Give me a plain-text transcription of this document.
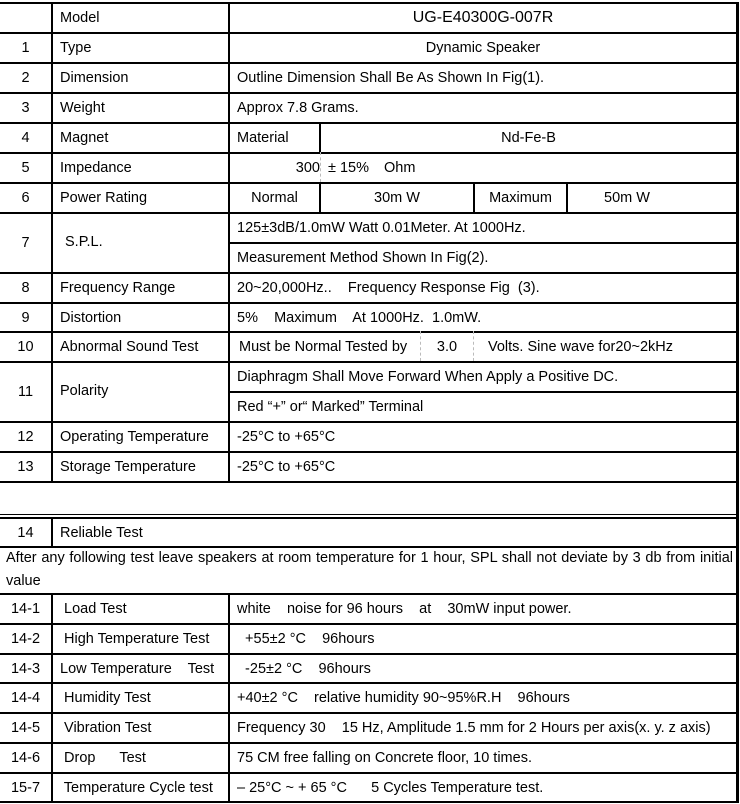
Model	UG-E40300G-007R
1	Type	Dynamic Speaker
2	Dimension	Outline Dimension Shall Be As Shown In Fig(1).
3	Weight	Approx 7.8 Grams.
4	Magnet	Material	Nd-Fe-B
5	Impedance	300 ± 15%	Ohm
6	Power Rating	Normal	30m W	Maximum	50m W
7	S.P.L.
125±3dB/1.0mW Watt 0.01Meter. At 1000Hz.
Measurement Method Shown In Fig(2).
8	Frequency Range	20~20,000Hz..    Frequency Response Fig  (3).
9	Distortion	5%    Maximum    At 1000Hz.  1.0mW.
10	Abnormal Sound Test	Must be Normal Tested by	3.0	Volts. Sine wave for20~2kHz
11	Polarity
Diaphragm Shall Move Forward When Apply a Positive DC.
Red “+” or“ Marked” Terminal
12	Operating Temperature	-25°C to +65°C
13	Storage Temperature	-25°C to +65°C
14	Reliable Test
After any following test leave speakers at room temperature for 1 hour, SPL shall not deviate by 3 db from initial value
14-1	Load Test	white    noise for 96 hours    at    30mW input power.
14-2	High Temperature Test	+55±2 °C    96hours
14-3	Low Temperature    Test	-25±2 °C    96hours
14-4	Humidity Test	+40±2 °C    relative humidity 90~95%R.H    96hours
14-5	Vibration Test	Frequency 30    15 Hz, Amplitude 1.5 mm for 2 Hours per axis(x. y. z axis)
14-6	Drop      Test	75 CM free falling on Concrete floor, 10 times.
15-7	Temperature Cycle test	– 25°C ~ + 65 °C      5 Cycles Temperature test.
